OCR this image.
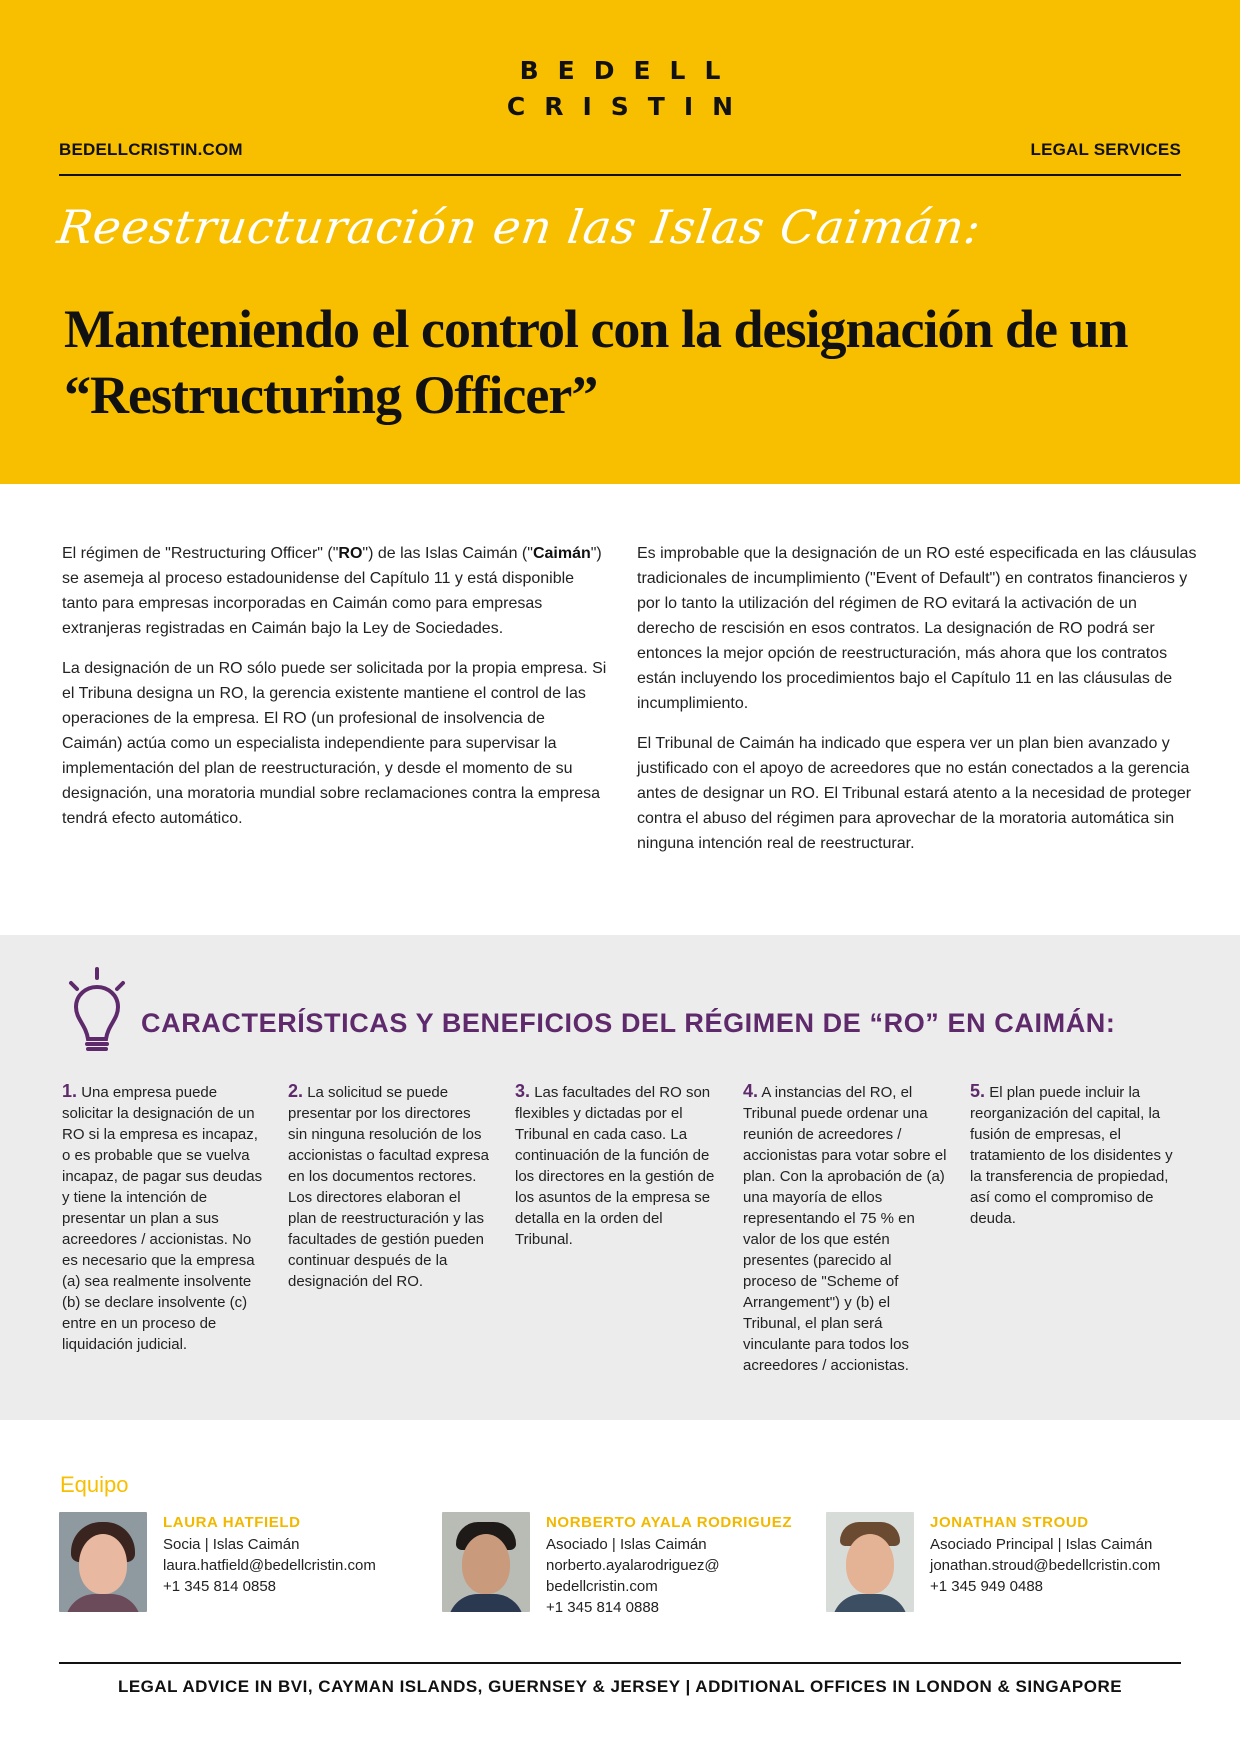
BEDELL
CRISTIN
BEDELLCRISTIN.COM	LEGAL SERVICES
Reestructuración en las Islas Caimán:
Manteniendo el control con la designación de un “Restructuring Officer”

El régimen de "Restructuring Officer" ("RO") de las Islas Caimán ("Caimán") se asemeja al proceso estadounidense del Capítulo 11 y está disponible tanto para empresas incorporadas en Caimán como para empresas extranjeras registradas en Caimán bajo la Ley de Sociedades.

La designación de un RO sólo puede ser solicitada por la propia empresa. Si el Tribuna designa un RO, la gerencia existente mantiene el control de las operaciones de la empresa. El RO (un profesional de insolvencia de Caimán) actúa como un especialista independiente para supervisar la implementación del plan de reestructuración, y desde el momento de su designación, una moratoria mundial sobre reclamaciones contra la empresa tendrá efecto automático.

Es improbable que la designación de un RO esté especificada en las cláusulas tradicionales de incumplimiento ("Event of Default") en contratos financieros y por lo tanto la utilización del régimen de RO evitará la activación de un derecho de rescisión en esos contratos. La designación de RO podrá ser entonces la mejor opción de reestructuración, más ahora que los contratos están incluyendo los procedimientos bajo el Capítulo 11 en las cláusulas de incumplimiento.

El Tribunal de Caimán ha indicado que espera ver un plan bien avanzado y justificado con el apoyo de acreedores que no están conectados a la gerencia antes de designar un RO. El Tribunal estará atento a la necesidad de proteger contra el abuso del régimen para aprovechar de la moratoria automática sin ninguna intención real de reestructurar.

CARACTERÍSTICAS Y BENEFICIOS DEL RÉGIMEN DE “RO” EN CAIMÁN:
1. Una empresa puede solicitar la designación de un RO si la empresa es incapaz, o es probable que se vuelva incapaz, de pagar sus deudas y tiene la intención de presentar un plan a sus acreedores / accionistas. No es necesario que la empresa (a) sea realmente insolvente (b) se declare insolvente (c) entre en un proceso de liquidación judicial.
2. La solicitud se puede presentar por los directores sin ninguna resolución de los accionistas o facultad expresa en los documentos rectores. Los directores elaboran el plan de reestructuración y las facultades de gestión pueden continuar después de la designación del RO.
3. Las facultades del RO son flexibles y dictadas por el Tribunal en cada caso. La continuación de la función de los directores en la gestión de los asuntos de la empresa se detalla en la orden del Tribunal.
4. A instancias del RO, el Tribunal puede ordenar una reunión de acreedores / accionistas para votar sobre el plan. Con la aprobación de (a) una mayoría de ellos representando el 75 % en valor de los que estén presentes (parecido al proceso de "Scheme of Arrangement") y (b) el Tribunal, el plan será vinculante para todos los acreedores / accionistas.
5. El plan puede incluir la reorganización del capital, la fusión de empresas, el tratamiento de los disidentes y la transferencia de propiedad, así como el compromiso de deuda.
Equipo
LAURA HATFIELD
Socia | Islas Caimán
laura.hatfield@bedellcristin.com
+1 345 814 0858
NORBERTO AYALA RODRIGUEZ
Asociado | Islas Caimán
norberto.ayalarodriguez@
bedellcristin.com
+1 345 814 0888
JONATHAN STROUD
Asociado Principal | Islas Caimán
jonathan.stroud@bedellcristin.com
+1 345 949 0488
LEGAL ADVICE IN BVI, CAYMAN ISLANDS, GUERNSEY & JERSEY | ADDITIONAL OFFICES IN LONDON & SINGAPORE
